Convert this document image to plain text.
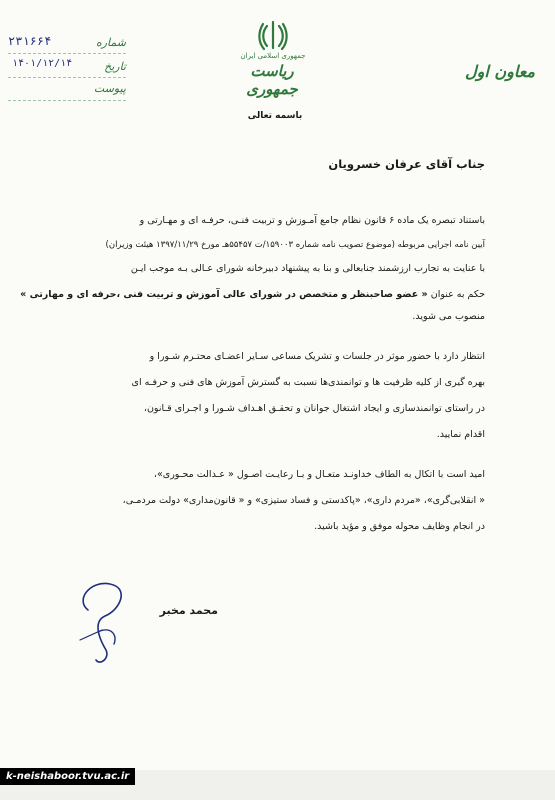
جمهوری اسلامی ایران
ریاست جمهوری
معاون اول
۲۳۱۶۶۴	شماره
۱۴۰۱/۱۲/۱۴	تاریخ
پیوست
باسمه تعالی
جناب آقای عرفان خسرویان
باستناد تبصره یک ماده ۶ قانون نظام جامع آمـوزش و تربیت فنـی، حرفـه ای و مهـارتی و
آیین نامه اجرایی مربوطه (موضوع تصویب نامه شماره ۱۵۹۰۰۳/ت ۵۵۴۵۷هـ مورخ ۱۳۹۷/۱۱/۲۹ هیئت وزیران)
با عنایت به تجارب ارزشمند جنابعالی و بنا به پیشنهاد دبیرخانه شورای عـالی بـه موجب ایـن
حکم به عنوان « عضو صاحبنظر و متخصص در شورای عالی آموزش و تربیت فنی ،حرفه ای و مهارتی »
منصوب می شوید.
انتظار دارد با حضور موثر در جلسات و تشریک مساعی سـایر اعضـای محتـرم شـورا و
بهره گیری از کلیه ظرفیت ها و توانمندی‌ها نسبت به گسترش آموزش های فنی و حرفـه ای
در راستای توانمندسازی و ایجاد اشتغال جوانان و تحقـق اهـداف شـورا و اجـرای قـانون،
اقدام نمایید.
امید است با اتکال به الطاف خداونـد متعـال و بـا رعایـت اصـول « عـدالت محـوری»،
« انقلابی‌گری»، «مردم داری»، «پاکدستی و فساد ستیزی» و « قانون‌مداری» دولت مردمـی،
در انجام وظایف محوله موفق و مؤید باشید.
محمد مخبر
k-neishaboor.tvu.ac.ir
